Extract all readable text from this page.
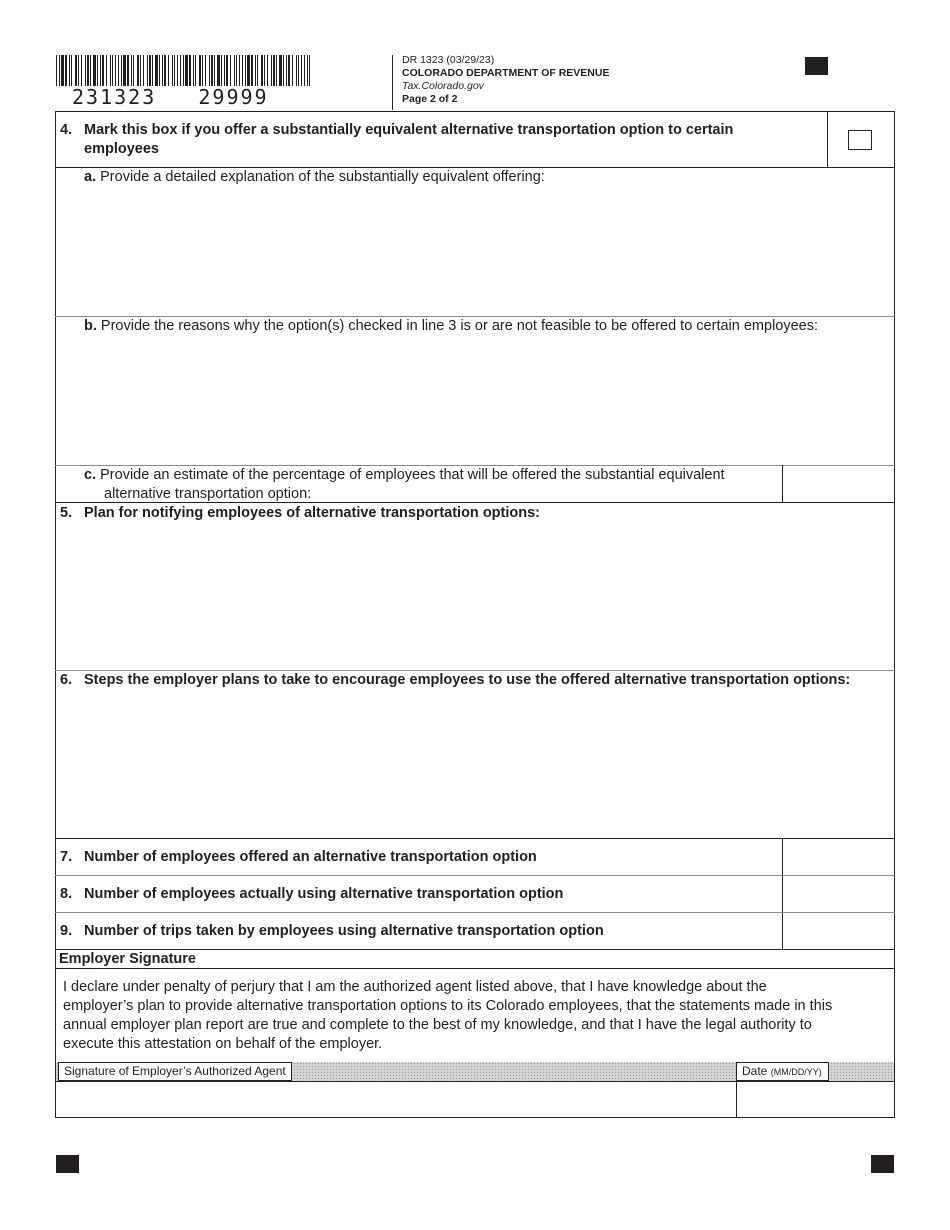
231323   29999
DR 1323 (03/29/23)
COLORADO DEPARTMENT OF REVENUE
Tax.Colorado.gov
Page 2 of 2
4. Mark this box if you offer a substantially equivalent alternative transportation option to certain
employees
a. Provide a detailed explanation of the substantially equivalent offering:
b. Provide the reasons why the option(s) checked in line 3 is or are not feasible to be offered to certain employees:
c. Provide an estimate of the percentage of employees that will be offered the substantial equivalent
alternative transportation option:
5. Plan for notifying employees of alternative transportation options:
6. Steps the employer plans to take to encourage employees to use the offered alternative transportation options:
7. Number of employees offered an alternative transportation option
8. Number of employees actually using alternative transportation option
9. Number of trips taken by employees using alternative transportation option
Employer Signature
I declare under penalty of perjury that I am the authorized agent listed above, that I have knowledge about the
employer’s plan to provide alternative transportation options to its Colorado employees, that the statements made in this
annual employer plan report are true and complete to the best of my knowledge, and that I have the legal authority to
execute this attestation on behalf of the employer.
Signature of Employer’s Authorized Agent	Date (MM/DD/YY)
